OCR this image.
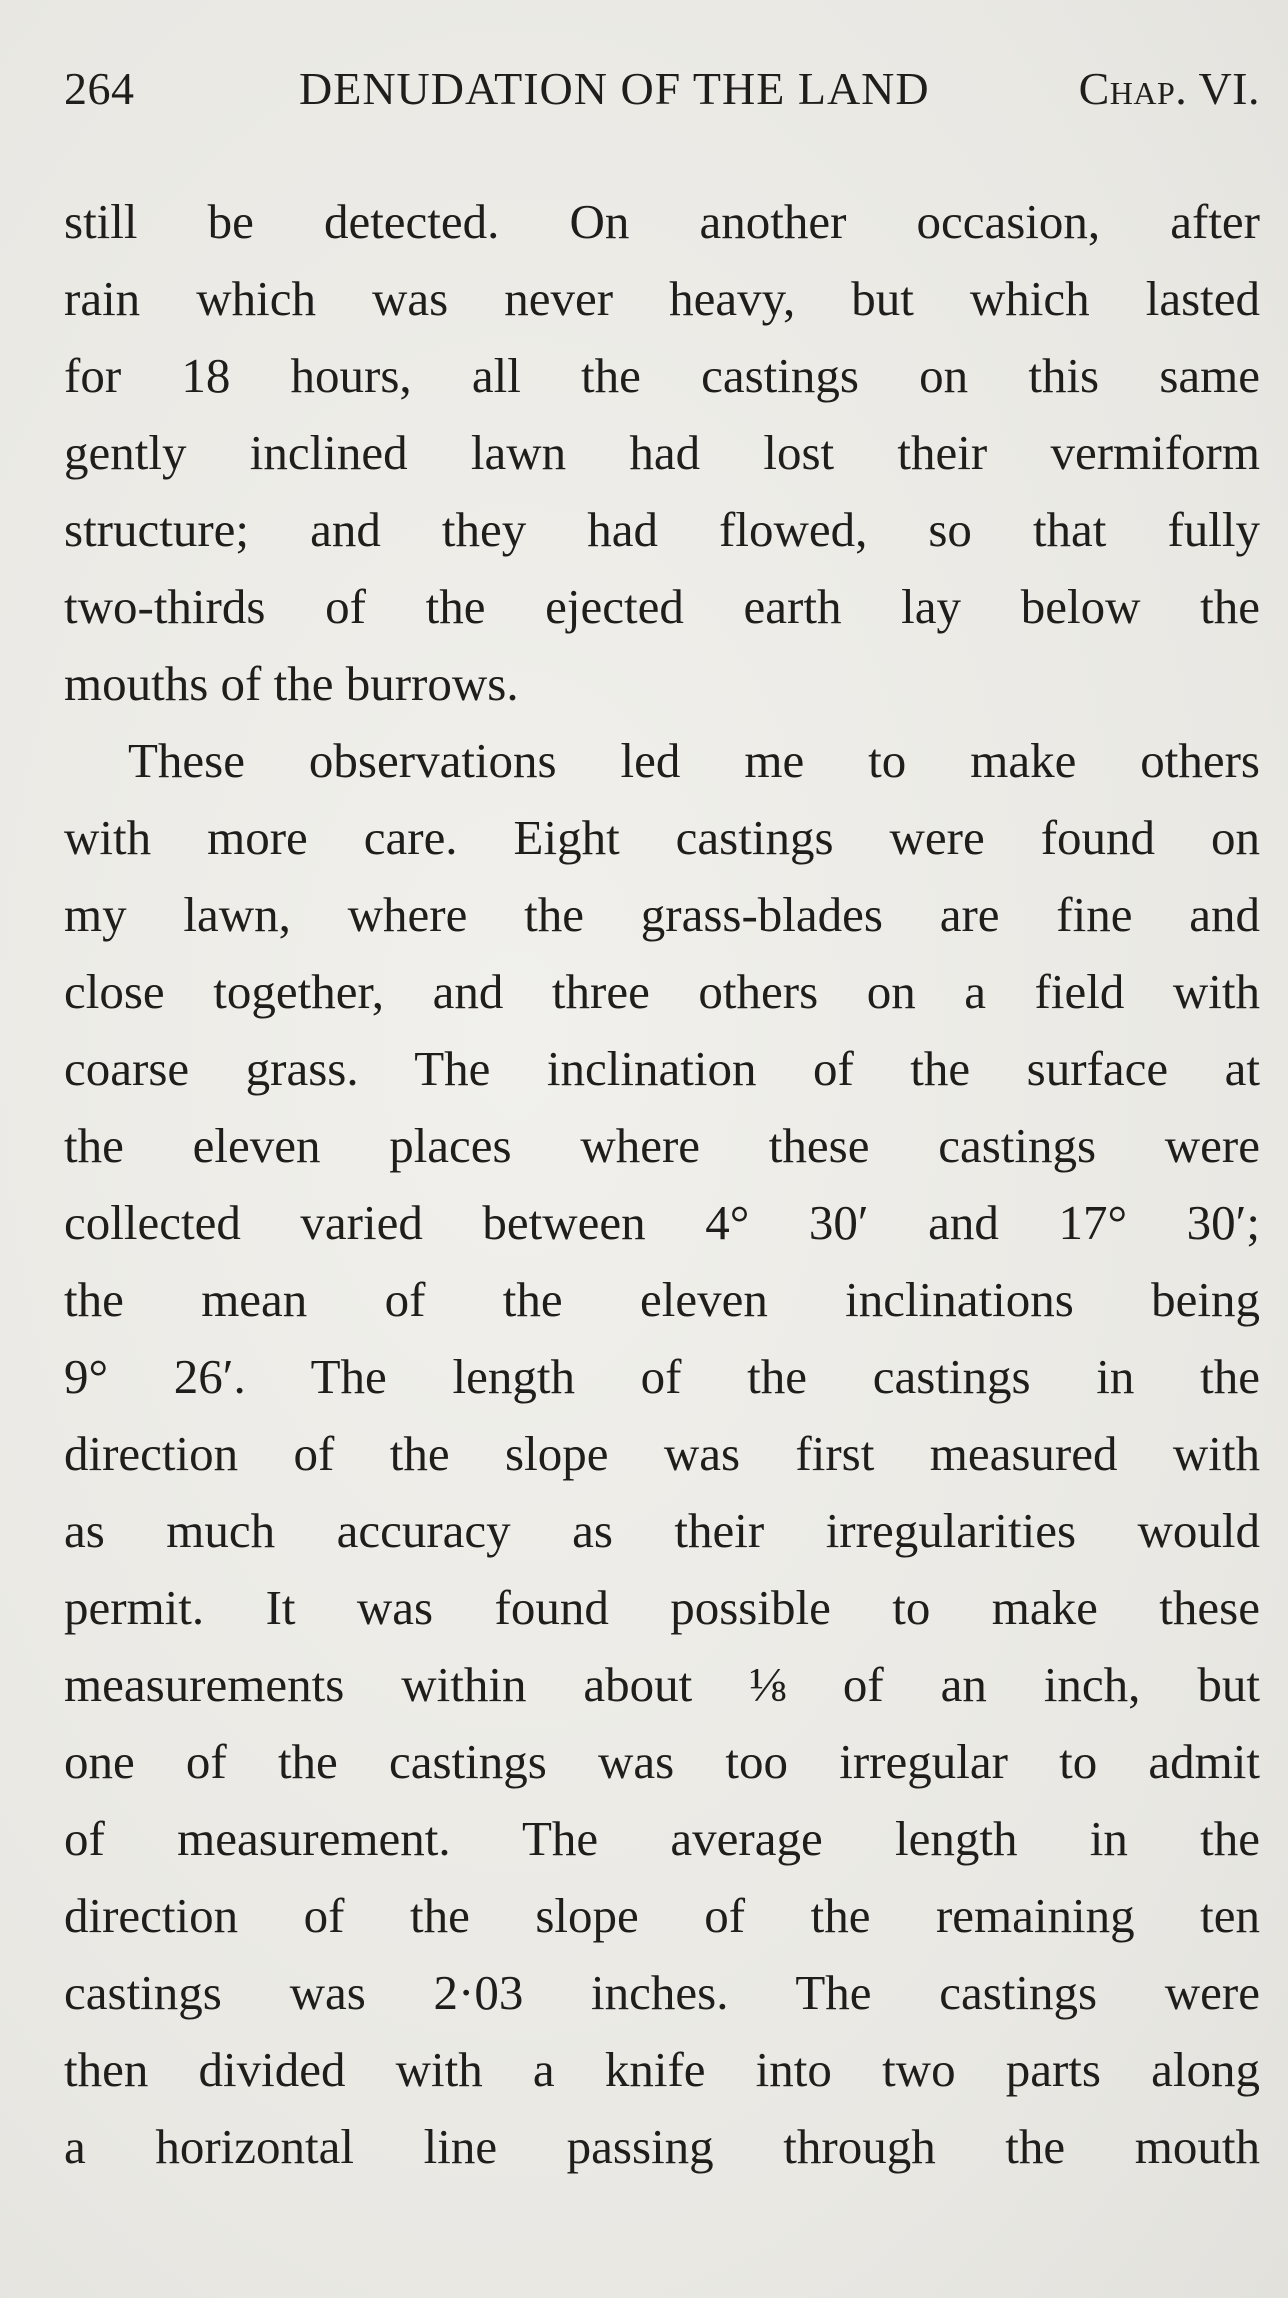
264	DENUDATION OF THE LAND	Chap. VI.
still be detected. On another occasion, after
rain which was never heavy, but which lasted
for 18 hours, all the castings on this same
gently inclined lawn had lost their vermiform
structure; and they had flowed, so that fully
two-thirds of the ejected earth lay below the
mouths of the burrows.
These observations led me to make others
with more care. Eight castings were found on
my lawn, where the grass-blades are fine and
close together, and three others on a field with
coarse grass. The inclination of the surface at
the eleven places where these castings were
collected varied between 4° 30′ and 17° 30′;
the mean of the eleven inclinations being
9° 26′. The length of the castings in the
direction of the slope was first measured with
as much accuracy as their irregularities would
permit. It was found possible to make these
measurements within about ⅛ of an inch, but
one of the castings was too irregular to admit
of measurement. The average length in the
direction of the slope of the remaining ten
castings was 2·03 inches. The castings were
then divided with a knife into two parts along
a horizontal line passing through the mouth
